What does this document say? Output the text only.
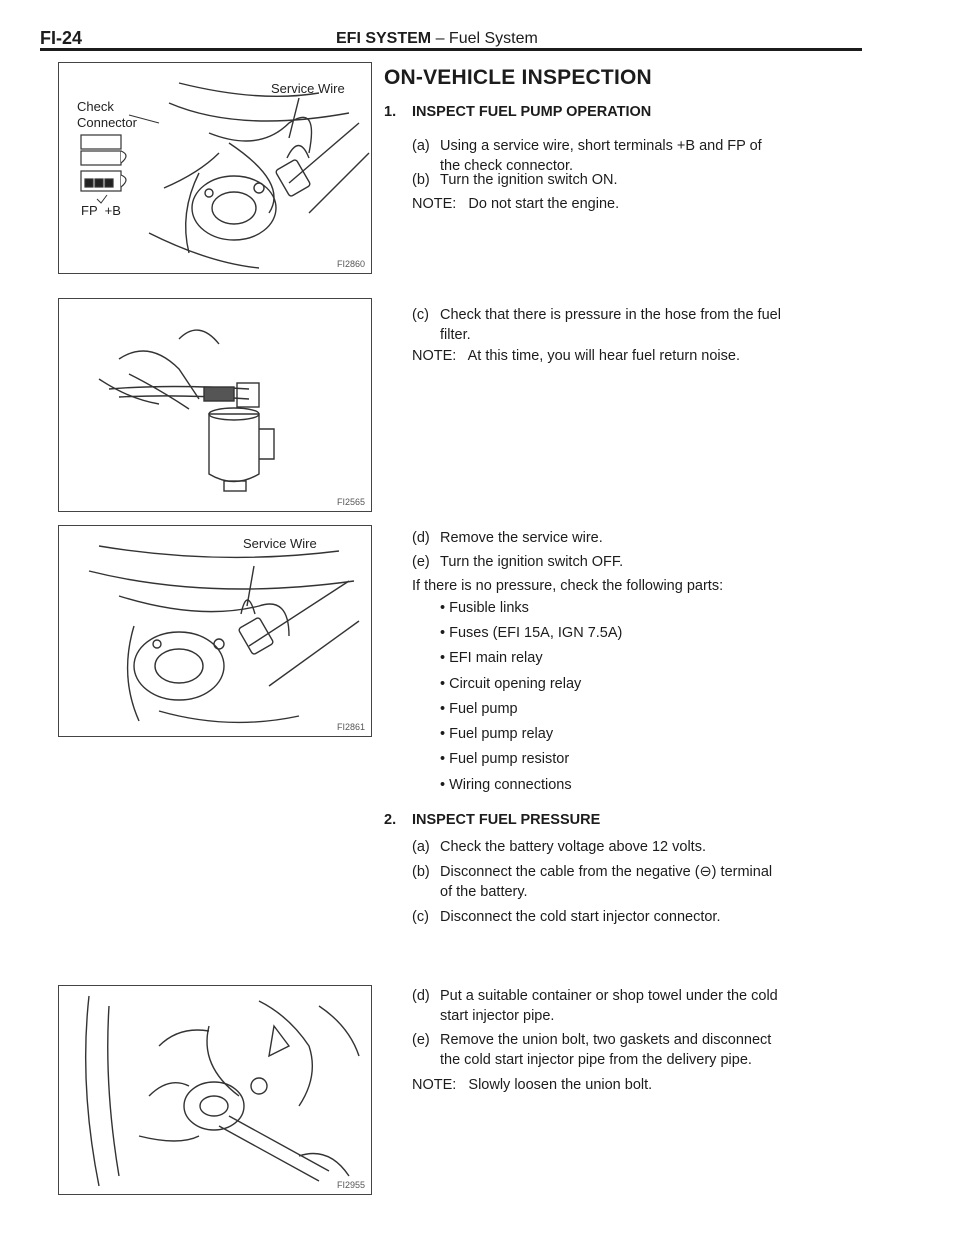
FI-24	EFI SYSTEM – Fuel System
Check
Connector
Service Wire
FP  +B
FI2860
FI2565
Service Wire
FI2861
FI2955
ON-VEHICLE INSPECTION
1. INSPECT FUEL PUMP OPERATION
(a) Using a service wire, short terminals +B and FP of
the check connector.
(b) Turn the ignition switch ON.
NOTE:   Do not start the engine.
(c) Check that there is pressure in the hose from the fuel
filter.
NOTE:   At this time, you will hear fuel return noise.
(d) Remove the service wire.
(e) Turn the ignition switch OFF.
If there is no pressure, check the following parts:
• Fusible links
• Fuses (EFI 15A, IGN 7.5A)
• EFI main relay
• Circuit opening relay
• Fuel pump
• Fuel pump relay
• Fuel pump resistor
• Wiring connections
2. INSPECT FUEL PRESSURE
(a) Check the battery voltage above 12 volts.
(b) Disconnect the cable from the negative (⊖) terminal
of the battery.
(c) Disconnect the cold start injector connector.
(d) Put a suitable container or shop towel under the cold
start injector pipe.
(e) Remove the union bolt, two gaskets and disconnect
the cold start injector pipe from the delivery pipe.
NOTE:   Slowly loosen the union bolt.
